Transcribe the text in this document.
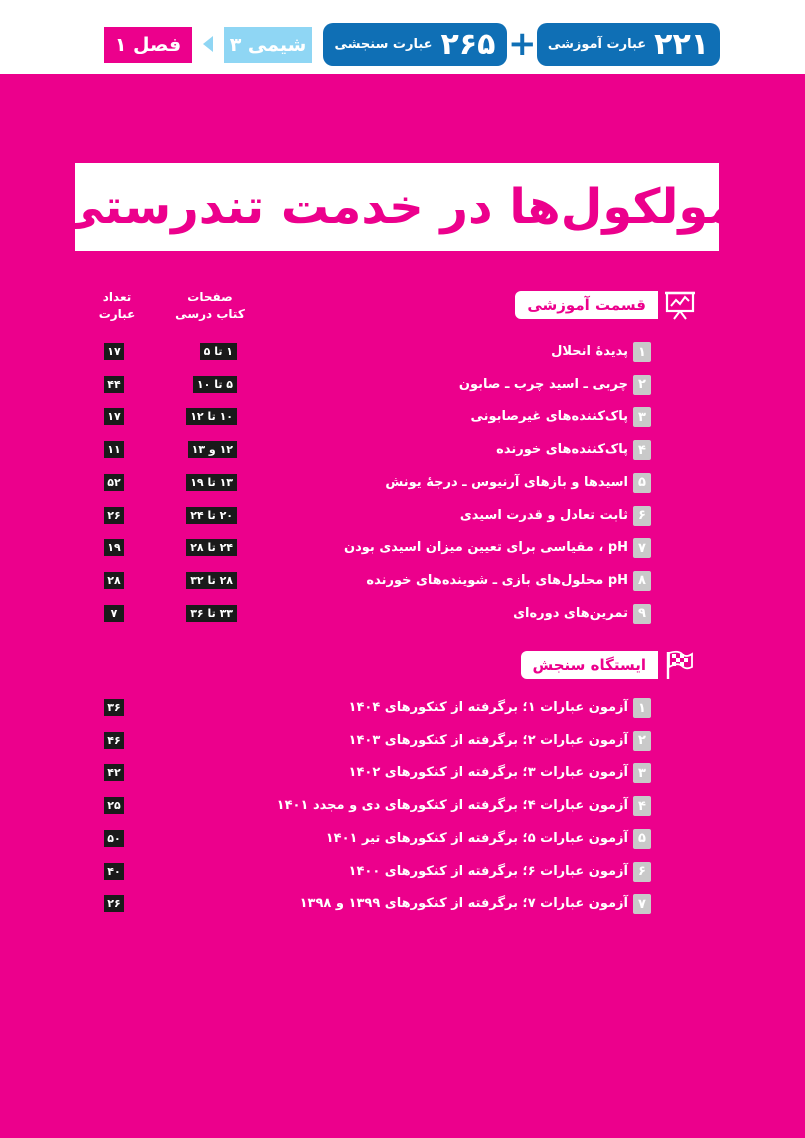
۲۲۱
عبارت آموزشی
+
۲۶۵
عبارت سنجشی
شیمی ۳
فصل ۱
مولکول‌ها در خدمت تندرستی
صفحات
کتاب درسی
تعداد
عبارت	قسمت آموزشی
۱
پدیدهٔ انحلال
۱ تا ۵
۱۷
۲
چربی ـ اسید چرب ـ صابون
۵ تا ۱۰
۴۴
۳
پاک‌کننده‌های غیرصابونی
۱۰ تا ۱۲
۱۷
۴
پاک‌کننده‌های خورنده
۱۲ و ۱۳
۱۱
۵
اسیدها و بازهای آرنیوس ـ درجهٔ یونش
۱۳ تا ۱۹
۵۲
۶
ثابت تعادل و قدرت اسیدی
۲۰ تا ۲۴
۲۶
۷
pH ، مقیاسی برای تعیین میزان اسیدی بودن
۲۴ تا ۲۸
۱۹
۸
pH محلول‌های بازی ـ شوینده‌های خورنده
۲۸ تا ۳۲
۲۸
۹
تمرین‌های دوره‌ای
۳۳ تا ۳۶
۷
ایستگاه سنجش
۱
آزمون عبارات ۱؛ برگرفته از کنکورهای ۱۴۰۴
۳۶
۲
آزمون عبارات ۲؛ برگرفته از کنکورهای ۱۴۰۳
۴۶
۳
آزمون عبارات ۳؛ برگرفته از کنکورهای ۱۴۰۲
۴۲
۴
آزمون عبارات ۴؛ برگرفته از کنکورهای دی و مجدد ۱۴۰۱
۲۵
۵
آزمون عبارات ۵؛ برگرفته از کنکورهای تیر ۱۴۰۱
۵۰
۶
آزمون عبارات ۶؛ برگرفته از کنکورهای ۱۴۰۰
۴۰
۷
آزمون عبارات ۷؛ برگرفته از کنکورهای ۱۳۹۹ و ۱۳۹۸
۲۶
